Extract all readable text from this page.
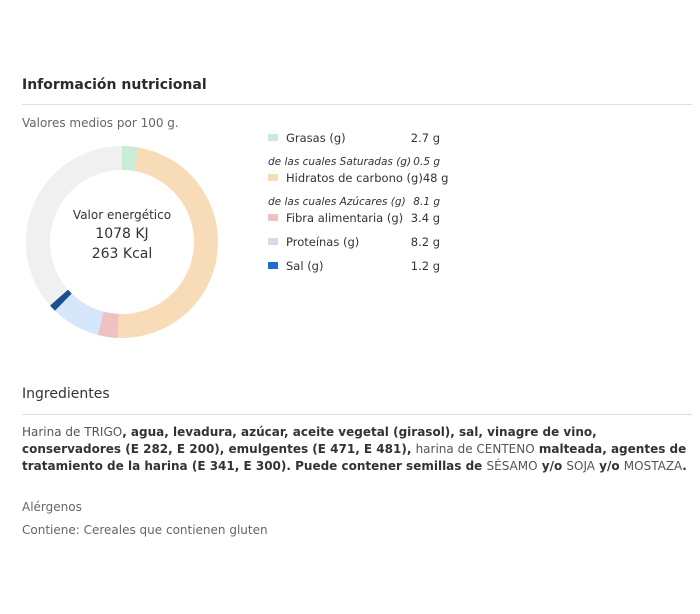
Información nutricional
Valores medios por 100 g.
Valor energético
1078 KJ
263 Kcal
Grasas (g)	2.7 g
de las cuales Saturadas (g) 0.5 g
Hidratos de carbono (g) 48 g
de las cuales Azúcares (g) 8.1 g
Fibra alimentaria (g) 3.4 g
Proteínas (g)	8.2 g
Sal (g)	1.2 g
Ingredientes
Harina de TRIGO, agua, levadura, azúcar, aceite vegetal (girasol), sal, vinagre de vino, conservadores (E 282, E 200), emulgentes (E 471, E 481), harina de CENTENO malteada, agentes de tratamiento de la harina (E 341, E 300). Puede contener semillas de SÉSAMO y/o SOJA y/o MOSTAZA.
Alérgenos
Contiene: Cereales que contienen gluten
